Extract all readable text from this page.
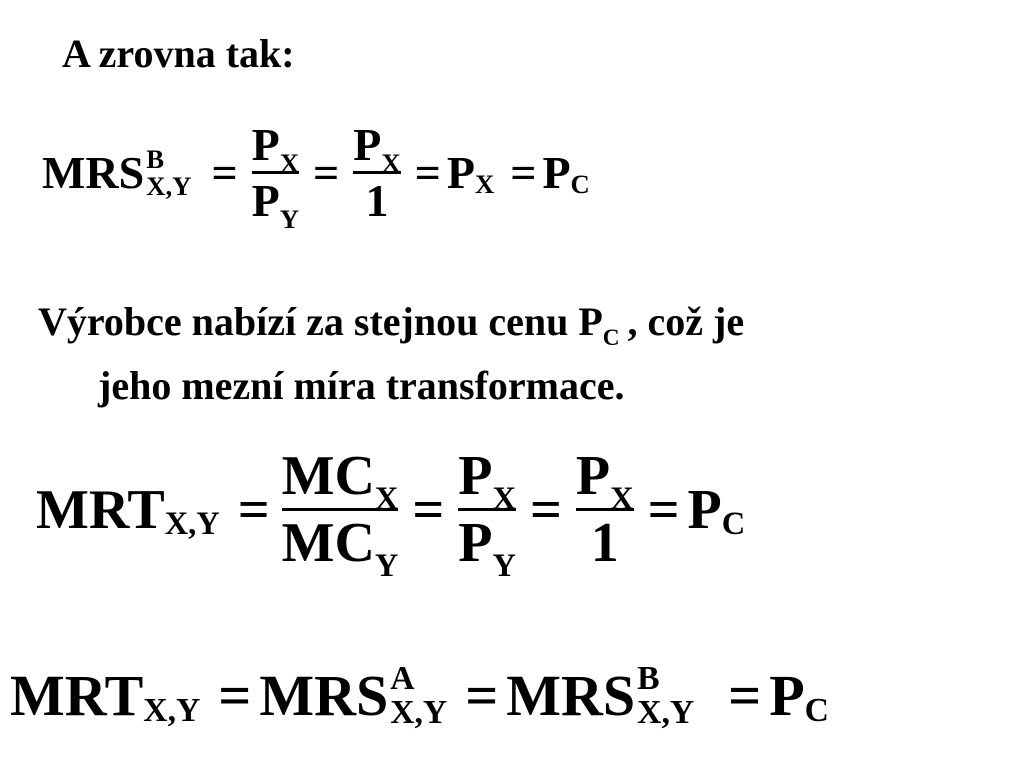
A zrovna tak:
MRS B
$X,Y = \frac{P_X}{P_Y} = \frac{P_X}{1} = P$ X = P C
Výrobce nabízí za stejnou cenu $P_C$ , což je
jeho mezní míra transformace.
MRT $X,Y = \frac{MC_X}{MC_Y} = \frac{P_X}{P_Y} = \frac{P_X}{1} = P$ C
MRT X,Y = MRS A
X,Y = MRS B
X,Y = P C
